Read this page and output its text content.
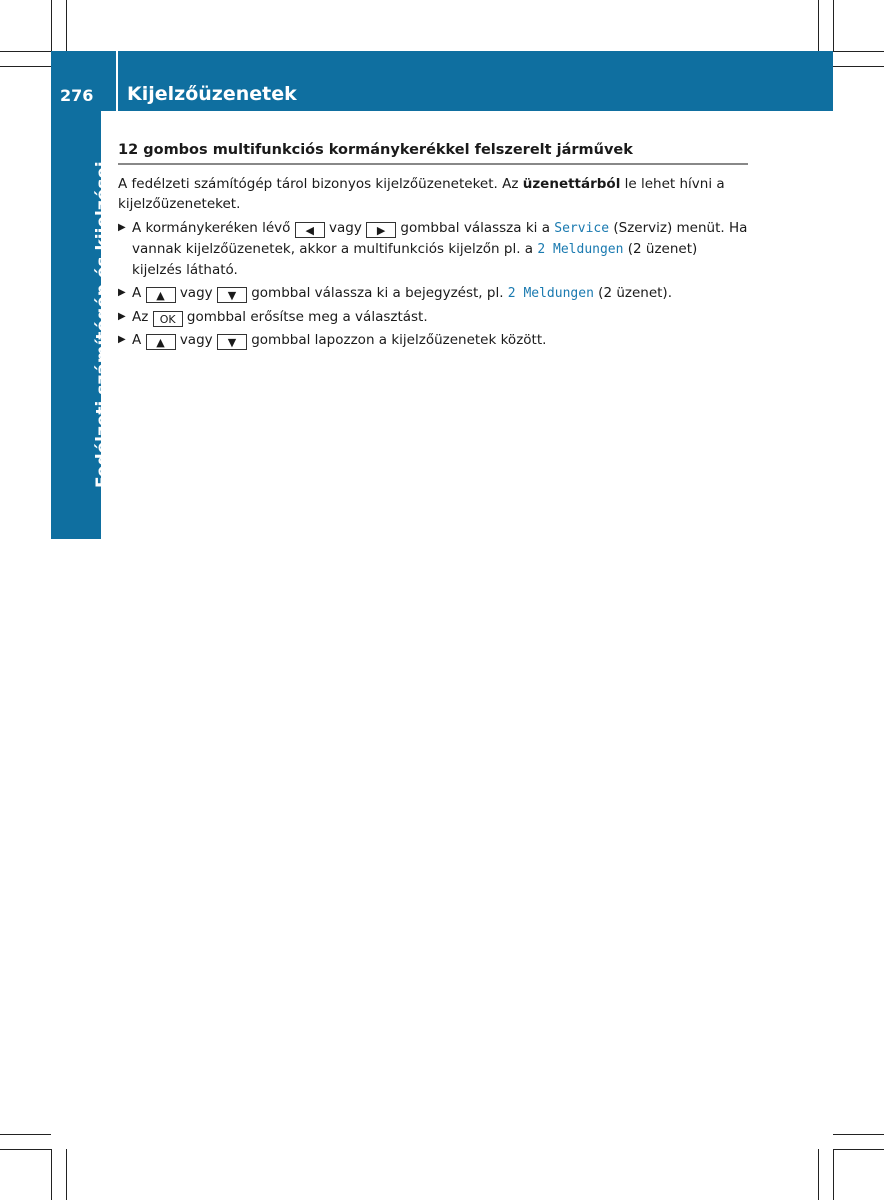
276	Kijelzőüzenetek
Fedélzeti számítógép és kijelzései
12 gombos multifunkciós kormánykerékkel felszerelt járművek

A fedélzeti számítógép tárol bizonyos kijelzőüzeneteket. Az üzenettárból le lehet hívni a kijelzőüzeneteket.

▶ A kormánykeréken lévő ◀ vagy ▶ gombbal válassza ki a Service (Szerviz) menüt. Ha vannak kijelzőüzenetek, akkor a multifunkciós kijelzőn pl. a 2 Meldungen (2 üzenet) kijelzés látható.
▶ A ▲ vagy ▼ gombbal válassza ki a bejegyzést, pl. 2 Meldungen (2 üzenet).
▶ Az OK gombbal erősítse meg a választást.
▶ A ▲ vagy ▼ gombbal lapozzon a kijelzőüzenetek között.
